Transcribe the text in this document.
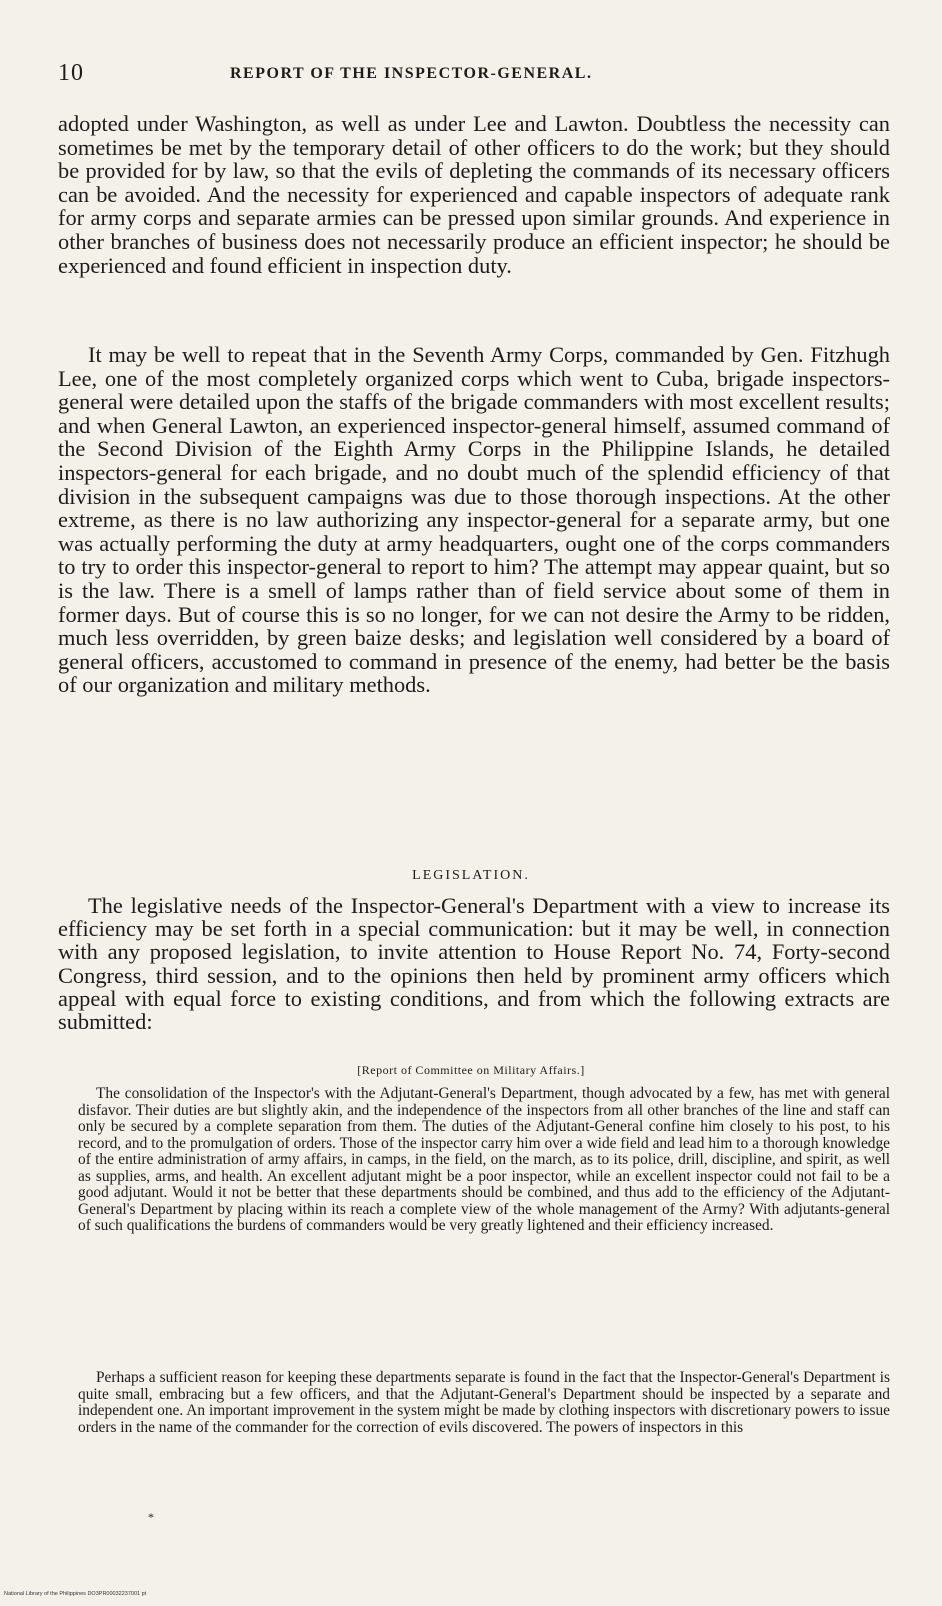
10	REPORT OF THE INSPECTOR-GENERAL.

adopted under Washington, as well as under Lee and Lawton. Doubtless the necessity can sometimes be met by the temporary detail of other officers to do the work; but they should be provided for by law, so that the evils of depleting the commands of its necessary officers can be avoided. And the necessity for experienced and capable inspectors of adequate rank for army corps and separate armies can be pressed upon similar grounds. And experience in other branches of business does not necessarily produce an efficient inspector; he should be experienced and found efficient in inspection duty.

It may be well to repeat that in the Seventh Army Corps, commanded by Gen. Fitzhugh Lee, one of the most completely organized corps which went to Cuba, brigade inspectors-general were detailed upon the staffs of the brigade commanders with most excellent results; and when General Lawton, an experienced inspector-general himself, assumed command of the Second Division of the Eighth Army Corps in the Philippine Islands, he detailed inspectors-general for each brigade, and no doubt much of the splendid efficiency of that division in the subsequent campaigns was due to those thorough inspections. At the other extreme, as there is no law authorizing any inspector-general for a separate army, but one was actually performing the duty at army headquarters, ought one of the corps commanders to try to order this inspector-general to report to him? The attempt may appear quaint, but so is the law. There is a smell of lamps rather than of field service about some of them in former days. But of course this is so no longer, for we can not desire the Army to be ridden, much less overridden, by green baize desks; and legislation well considered by a board of general officers, accustomed to command in presence of the enemy, had better be the basis of our organization and military methods.

LEGISLATION.

The legislative needs of the Inspector-General's Department with a view to increase its efficiency may be set forth in a special communication: but it may be well, in connection with any proposed legislation, to invite attention to House Report No. 74, Forty-second Congress, third session, and to the opinions then held by prominent army officers which appeal with equal force to existing conditions, and from which the following extracts are submitted:

[Report of Committee on Military Affairs.]

The consolidation of the Inspector's with the Adjutant-General's Department, though advocated by a few, has met with general disfavor. Their duties are but slightly akin, and the independence of the inspectors from all other branches of the line and staff can only be secured by a complete separation from them. The duties of the Adjutant-General confine him closely to his post, to his record, and to the promulgation of orders. Those of the inspector carry him over a wide field and lead him to a thorough knowledge of the entire administration of army affairs, in camps, in the field, on the march, as to its police, drill, discipline, and spirit, as well as supplies, arms, and health. An excellent adjutant might be a poor inspector, while an excellent inspector could not fail to be a good adjutant. Would it not be better that these departments should be combined, and thus add to the efficiency of the Adjutant-General's Department by placing within its reach a complete view of the whole management of the Army? With adjutants-general of such qualifications the burdens of commanders would be very greatly lightened and their efficiency increased.

Perhaps a sufficient reason for keeping these departments separate is found in the fact that the Inspector-General's Department is quite small, embracing but a few officers, and that the Adjutant-General's Department should be inspected by a separate and independent one. An important improvement in the system might be made by clothing inspectors with discretionary powers to issue orders in the name of the commander for the correction of evils discovered. The powers of inspectors in this

*
National Library of the Philippines DO3PR00032237001 pt
